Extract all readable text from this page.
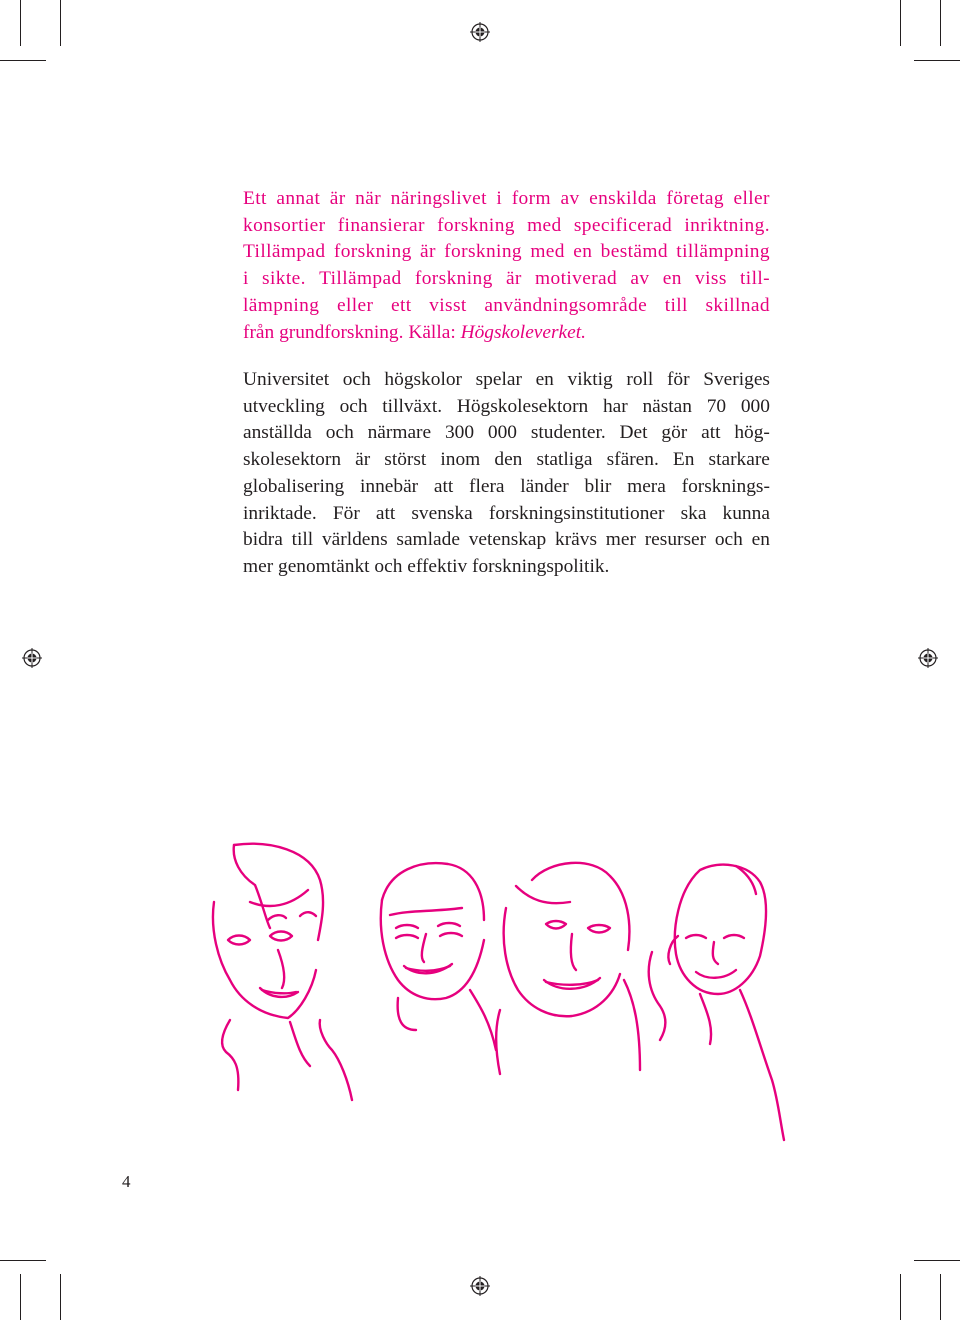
Ett annat är när näringslivet i form av enskilda företag eller
konsortier finansierar forskning med specificerad inriktning.
Tillämpad forskning är forskning med en bestämd tillämpning
i sikte. Tillämpad forskning är motiverad av en viss till-
lämpning eller ett visst användningsområde till skillnad
från grundforskning. Källa: Högskoleverket.
Universitet och högskolor spelar en viktig roll för Sveriges
utveckling och tillväxt. Högskolesektorn har nästan 70 000
anställda och närmare 300 000 studenter. Det gör att hög-
skolesektorn är störst inom den statliga sfären. En starkare
globalisering innebär att flera länder blir mera forsknings-
inriktade. För att svenska forskningsinstitutioner ska kunna
bidra till världens samlade vetenskap krävs mer resurser och en
mer genomtänkt och effektiv forskningspolitik.
4
